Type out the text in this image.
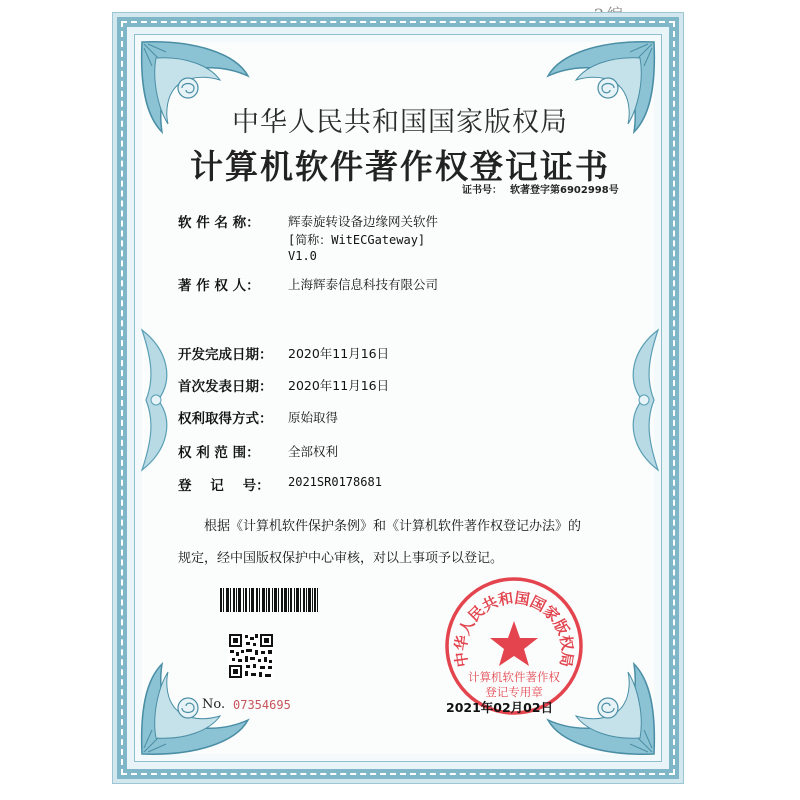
中华人民共和国国家版权局
计算机软件著作权登记证书
证书号： 软著登字第6902998号
软 件 名 称： 辉泰旋转设备边缘网关软件
[简称：WitECGateway]
V1.0
著 作 权 人： 上海辉泰信息科技有限公司
开发完成日期： 2020年11月16日
首次发表日期： 2020年11月16日
权利取得方式： 原始取得
权 利 范 围： 全部权利
登    记    号： 2021SR0178681
根据《计算机软件保护条例》和《计算机软件著作权登记办法》的
规定，经中国版权保护中心审核，对以上事项予以登记。
No. 07354695
中华人民共和国国家版权局
计算机软件著作权
登记专用章
2021年02月02日
